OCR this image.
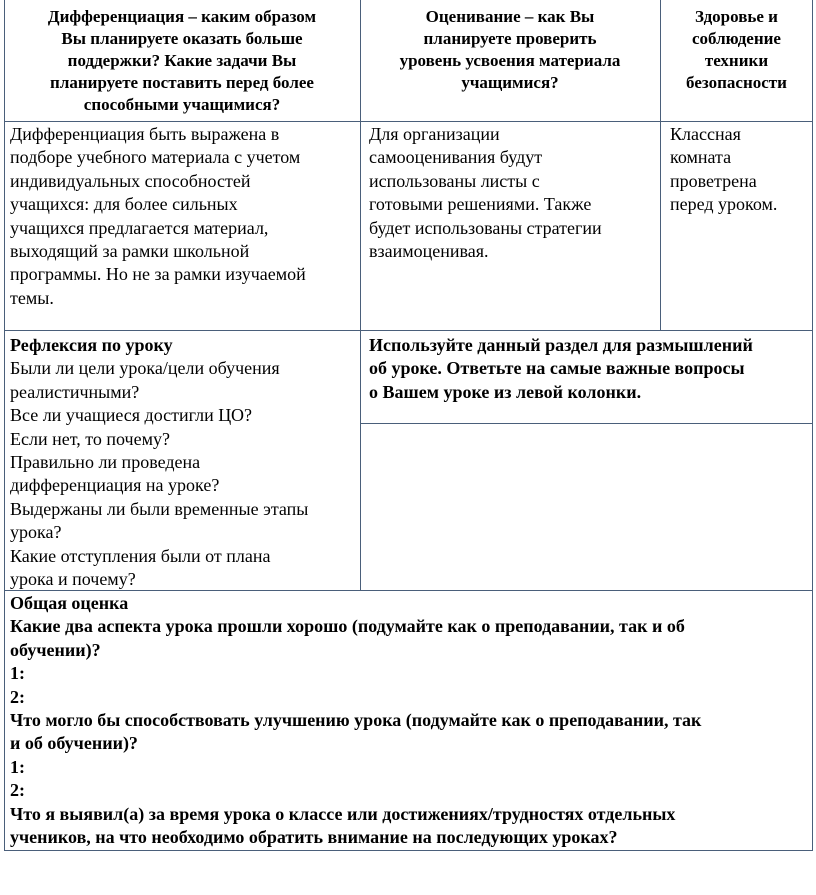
Дифференциация – каким образом
Вы планируете оказать больше
поддержки? Какие задачи Вы
планируете поставить перед более
способными учащимися?
Оценивание – как Вы
планируете проверить
уровень усвоения материала
учащимися?
Здоровье и
соблюдение
техники
безопасности
Дифференциация быть выражена в
подборе учебного материала с учетом
индивидуальных способностей
учащихся: для более сильных
учащихся предлагается материал,
выходящий за рамки школьной
программы. Но не за рамки изучаемой
темы.
Для организации
самооценивания будут
использованы листы с
готовыми решениями. Также
будет использованы стратегии
взаимоценивая.
Классная
комната
проветрена
перед уроком.
Рефлексия по уроку
Были ли цели урока/цели обучения
реалистичными?
Все ли учащиеся достигли ЦО?
Если нет, то почему?
Правильно ли проведена
дифференциация на уроке?
Выдержаны ли были временные этапы
урока?
Какие отступления были от плана
урока и почему?
Используйте данный раздел для размышлений
об уроке. Ответьте на самые важные вопросы
о Вашем уроке из левой колонки.
Общая оценка
Какие два аспекта урока прошли хорошо (подумайте как о преподавании, так и об
обучении)?
1:
2:
Что могло бы способствовать улучшению урока (подумайте как о преподавании, так
и об обучении)?
1:
2:
Что я выявил(а) за время урока о классе или достижениях/трудностях отдельных
учеников, на что необходимо обратить внимание на последующих уроках?
